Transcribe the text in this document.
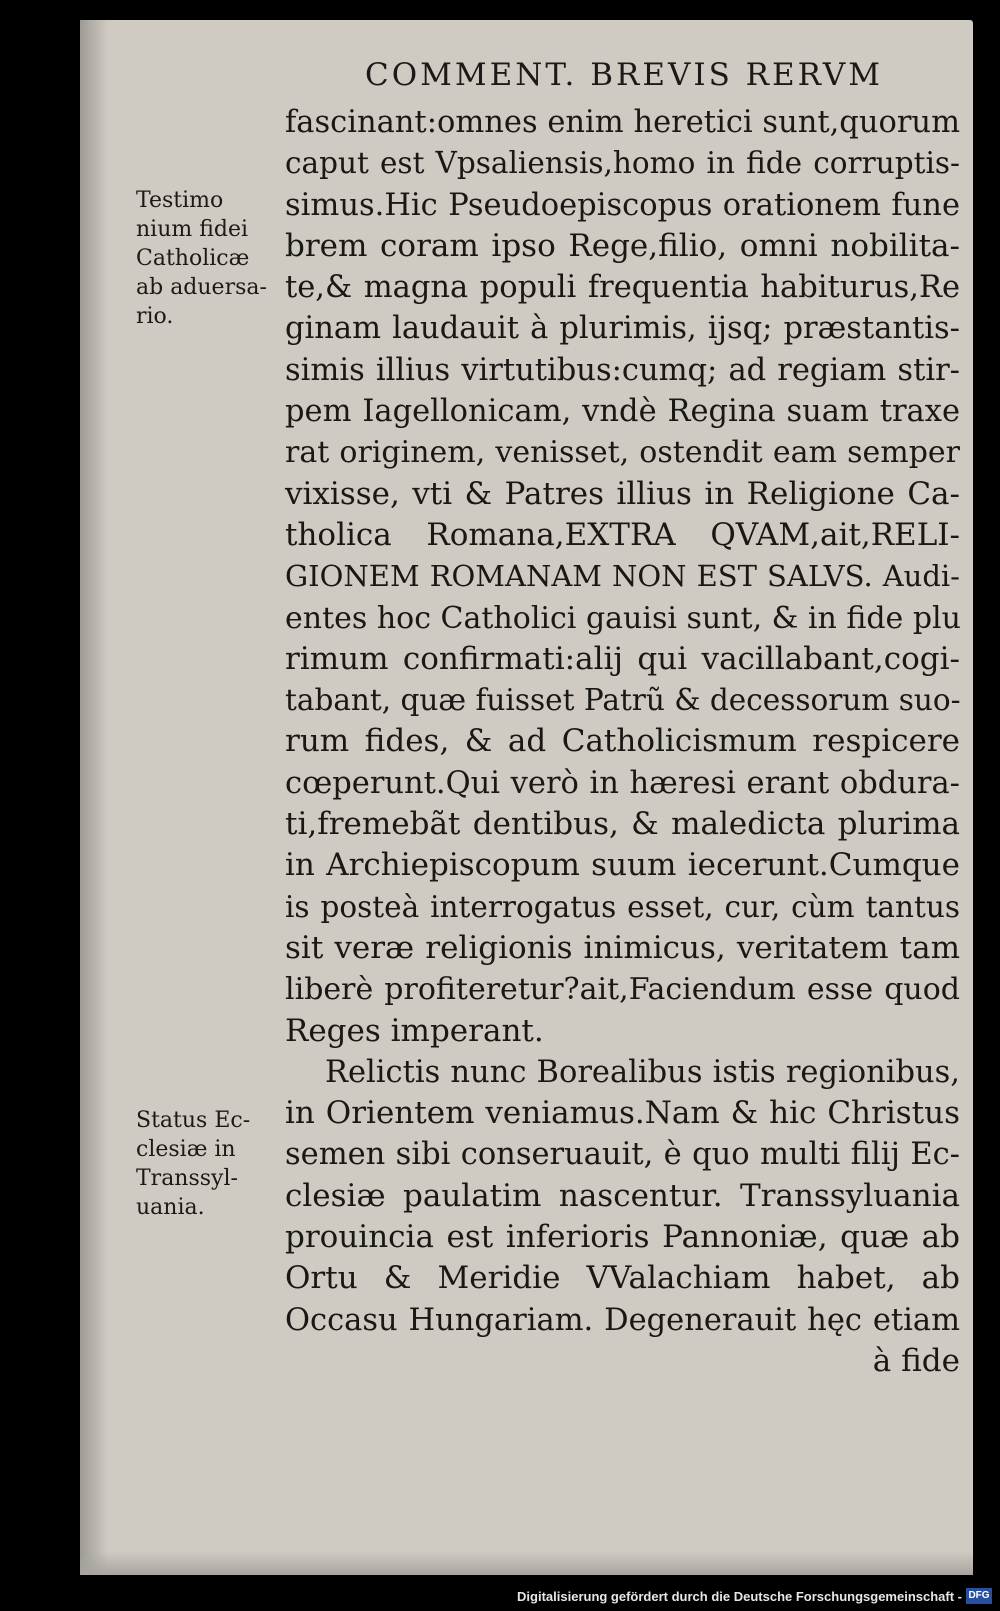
COMMENT. BREVIS RERVM
fascinant:omnes enim heretici sunt,quorum
caput est Vpsaliensis,homo in fide corruptis-
simus.Hic Pseudoepiscopus orationem fune
brem coram ipso Rege,filio, omni nobilita-
te,& magna populi frequentia habiturus,Re
ginam laudauit à plurimis, ijsq; præstantis-
simis illius virtutibus:cumq; ad regiam stir-
pem Iagellonicam, vndè Regina suam traxe
rat originem, venisset, ostendit eam semper
vixisse, vti & Patres illius in Religione Ca-
tholica Romana,EXTRA QVAM,ait,RELI-
GIONEM ROMANAM NON EST SALVS. Audi-
entes hoc Catholici gauisi sunt, & in fide plu
rimum confirmati:alij qui vacillabant,cogi-
tabant, quæ fuisset Patrũ & decessorum suo-
rum fides, & ad Catholicismum respicere
cœperunt.Qui verò in hæresi erant obdura-
ti,fremebãt dentibus, & maledicta plurima
in Archiepiscopum suum iecerunt.Cumque
is posteà interrogatus esset, cur, cùm tantus
sit veræ religionis inimicus, veritatem tam
liberè profiteretur?ait,Faciendum esse quod
Reges imperant.
Relictis nunc Borealibus istis regionibus,
in Orientem veniamus.Nam & hic Christus
semen sibi conseruauit, è quo multi filij Ec-
clesiæ paulatim nascentur. Transsyluania
prouincia est inferioris Pannoniæ, quæ ab
Ortu & Meridie VValachiam habet, ab
Occasu Hungariam. Degenerauit hęc etiam
à fide
Testimo
nium fidei
Catholicæ
ab aduersa-
rio.
Status Ec-
clesiæ in
Transsyl-
uania.
Digitalisierung gefördert durch die Deutsche Forschungsgemeinschaft - DFG
